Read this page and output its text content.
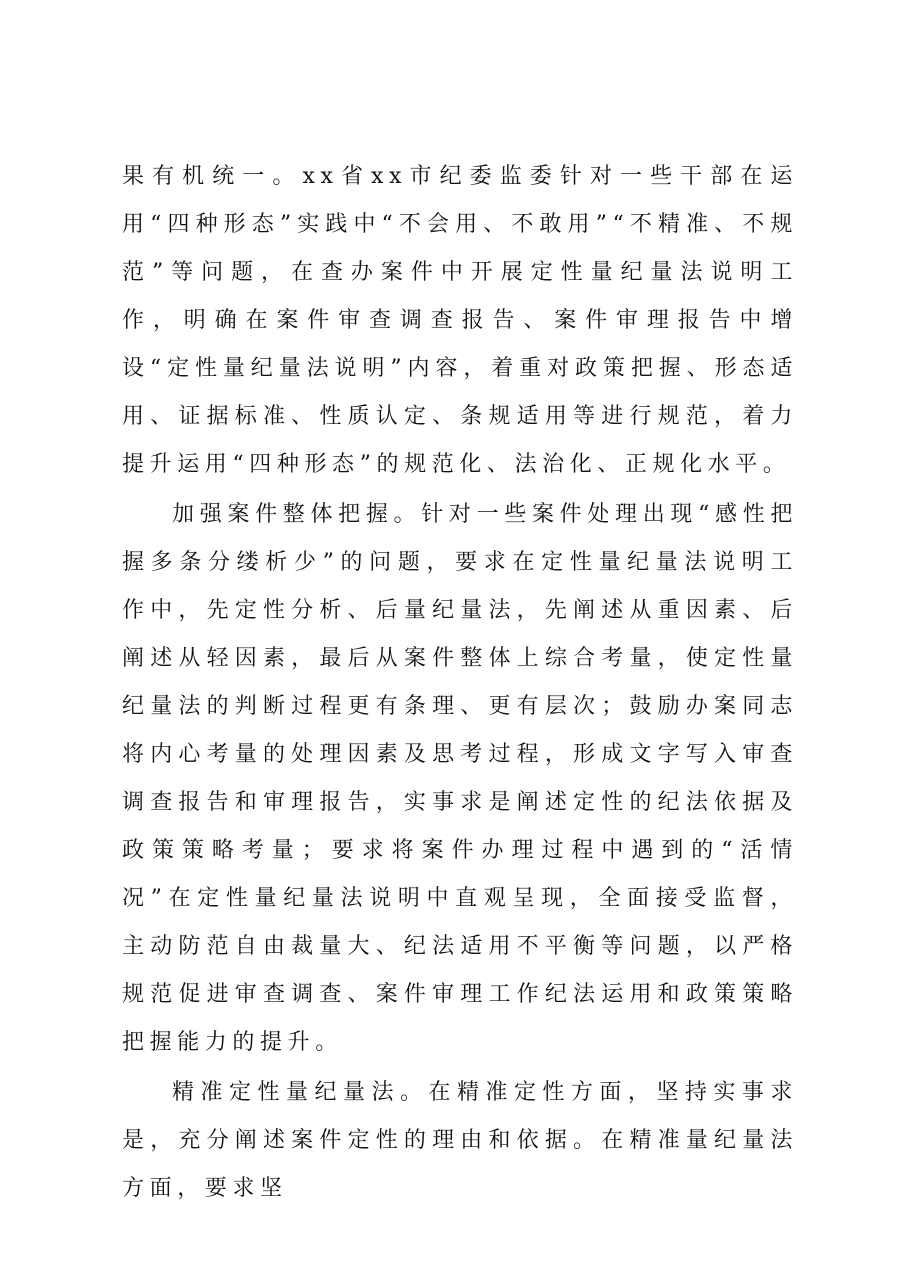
果有机统一。xx省xx市纪委监委针对一些干部在运用“四种形态”实践中“不会用、不敢用”“不精准、不规范”等问题，在查办案件中开展定性量纪量法说明工作，明确在案件审查调查报告、案件审理报告中增设“定性量纪量法说明”内容，着重对政策把握、形态适用、证据标准、性质认定、条规适用等进行规范，着力提升运用“四种形态”的规范化、法治化、正规化水平。

加强案件整体把握。针对一些案件处理出现“感性把握多条分缕析少”的问题，要求在定性量纪量法说明工作中，先定性分析、后量纪量法，先阐述从重因素、后阐述从轻因素，最后从案件整体上综合考量，使定性量纪量法的判断过程更有条理、更有层次；鼓励办案同志将内心考量的处理因素及思考过程，形成文字写入审查调查报告和审理报告，实事求是阐述定性的纪法依据及政策策略考量；要求将案件办理过程中遇到的“活情况”在定性量纪量法说明中直观呈现，全面接受监督，主动防范自由裁量大、纪法适用不平衡等问题，以严格规范促进审查调查、案件审理工作纪法运用和政策策略把握能力的提升。

精准定性量纪量法。在精准定性方面，坚持实事求是，充分阐述案件定性的理由和依据。在精准量纪量法方面，要求坚
